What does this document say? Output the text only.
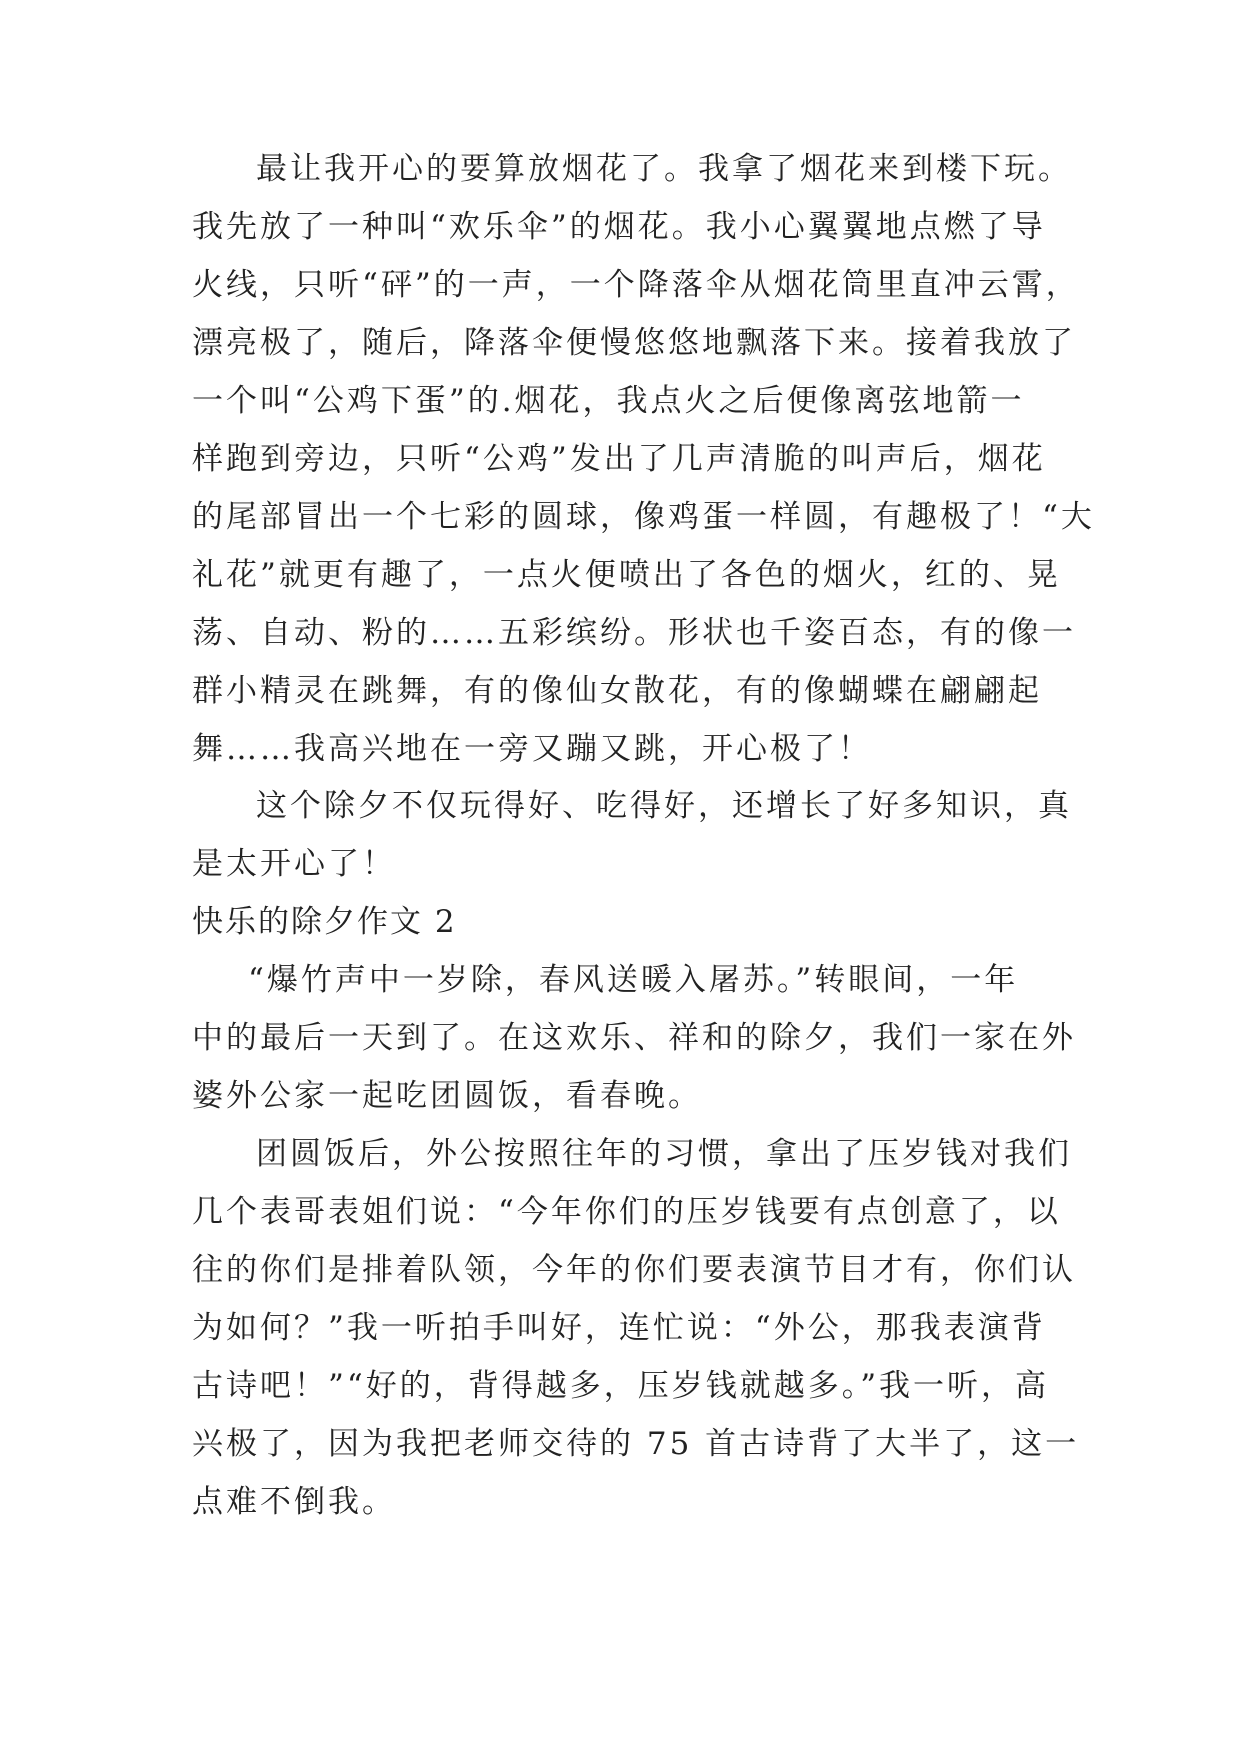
最让我开心的要算放烟花了。我拿了烟花来到楼下玩。
我先放了一种叫“欢乐伞”的烟花。我小心翼翼地点燃了导
火线，只听“砰”的一声，一个降落伞从烟花筒里直冲云霄，
漂亮极了，随后，降落伞便慢悠悠地飘落下来。接着我放了
一个叫“公鸡下蛋”的.烟花，我点火之后便像离弦地箭一
样跑到旁边，只听“公鸡”发出了几声清脆的叫声后，烟花
的尾部冒出一个七彩的圆球，像鸡蛋一样圆，有趣极了！“大
礼花”就更有趣了，一点火便喷出了各色的烟火，红的、晃
荡、自动、粉的……五彩缤纷。形状也千姿百态，有的像一
群小精灵在跳舞，有的像仙女散花，有的像蝴蝶在翩翩起
舞……我高兴地在一旁又蹦又跳，开心极了！

这个除夕不仅玩得好、吃得好，还增长了好多知识，真
是太开心了！

快乐的除夕作文 2

“爆竹声中一岁除，春风送暖入屠苏。”转眼间，一年
中的最后一天到了。在这欢乐、祥和的除夕，我们一家在外
婆外公家一起吃团圆饭，看春晚。

团圆饭后，外公按照往年的习惯，拿出了压岁钱对我们
几个表哥表姐们说：“今年你们的压岁钱要有点创意了，以
往的你们是排着队领，今年的你们要表演节目才有，你们认
为如何？”我一听拍手叫好，连忙说：“外公，那我表演背
古诗吧！”“好的，背得越多，压岁钱就越多。”我一听，高
兴极了，因为我把老师交待的 75 首古诗背了大半了，这一
点难不倒我。
